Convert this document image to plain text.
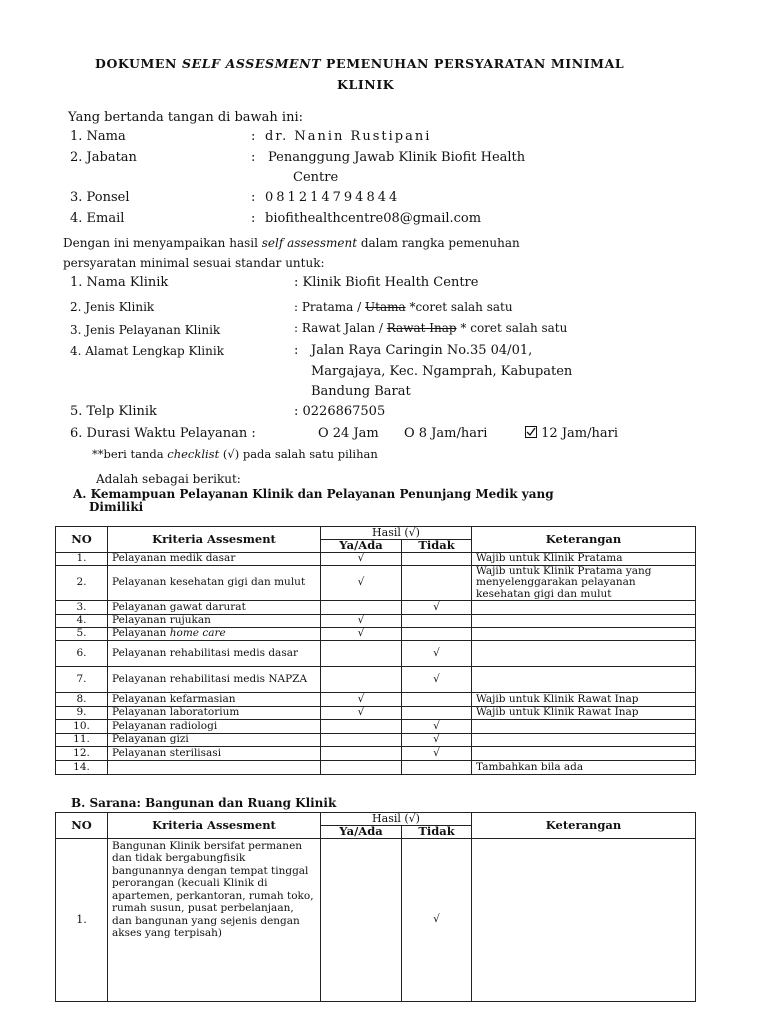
DOKUMEN SELF ASSESMENT PEMENUHAN PERSYARATAN MINIMAL
KLINIK
Yang bertanda tangan di bawah ini:
1. Nama	: dr. Nanin Rustipani
2. Jabatan	: Penanggung Jawab Klinik Biofit Health
Centre
3. Ponsel	: 081214794844
4. Email	: biofithealthcentre08@gmail.com
Dengan ini menyampaikan hasil self assessment dalam rangka pemenuhan
persyaratan minimal sesuai standar untuk:
1. Nama Klinik	: Klinik Biofit Health Centre
2. Jenis Klinik	: Pratama / Utama *coret salah satu
3. Jenis Pelayanan Klinik	: Rawat Jalan / Rawat Inap * coret salah satu
4. Alamat Lengkap Klinik	: Jalan Raya Caringin No.35 04/01,
Margajaya, Kec. Ngamprah, Kabupaten
Bandung Barat
5. Telp Klinik	: 0226867505
6. Durasi Waktu Pelayanan :	O 24 Jam O 8 Jam/hari	12 Jam/hari
**beri tanda checklist (√) pada salah satu pilihan
Adalah sebagai berikut:
A. Kemampuan Pelayanan Klinik dan Pelayanan Penunjang Medik yang
Dimiliki
NO	Kriteria Assesment	Hasil (√)		Keterangan
		Ya/Ada	Tidak	
1.	Pelayanan medik dasar	√		Wajib untuk Klinik Pratama
2.	Pelayanan kesehatan gigi dan mulut	√		Wajib untuk Klinik Pratama yang menyelenggarakan pelayanan kesehatan gigi dan mulut
3.	Pelayanan gawat darurat		√	
4.	Pelayanan rujukan	√		
5.	Pelayanan home care	√		
6.	Pelayanan rehabilitasi medis dasar		√	
7.	Pelayanan rehabilitasi medis NAPZA		√	
8.	Pelayanan kefarmasian	√		Wajib untuk Klinik Rawat Inap
9.	Pelayanan laboratorium	√		Wajib untuk Klinik Rawat Inap
10.	Pelayanan radiologi		√	
11.	Pelayanan gizi		√	
12.	Pelayanan sterilisasi		√	
14.				Tambahkan bila ada
B. Sarana: Bangunan dan Ruang Klinik
NO	Kriteria Assesment	Hasil (√)		Keterangan
		Ya/Ada	Tidak	
1.	Bangunan Klinik bersifat permanen dan tidak bergabungfisik bangunannya dengan tempat tinggal perorangan (kecuali Klinik di apartemen, perkantoran, rumah toko, rumah susun, pusat perbelanjaan, dan bangunan yang sejenis dengan akses yang terpisah)		√	
